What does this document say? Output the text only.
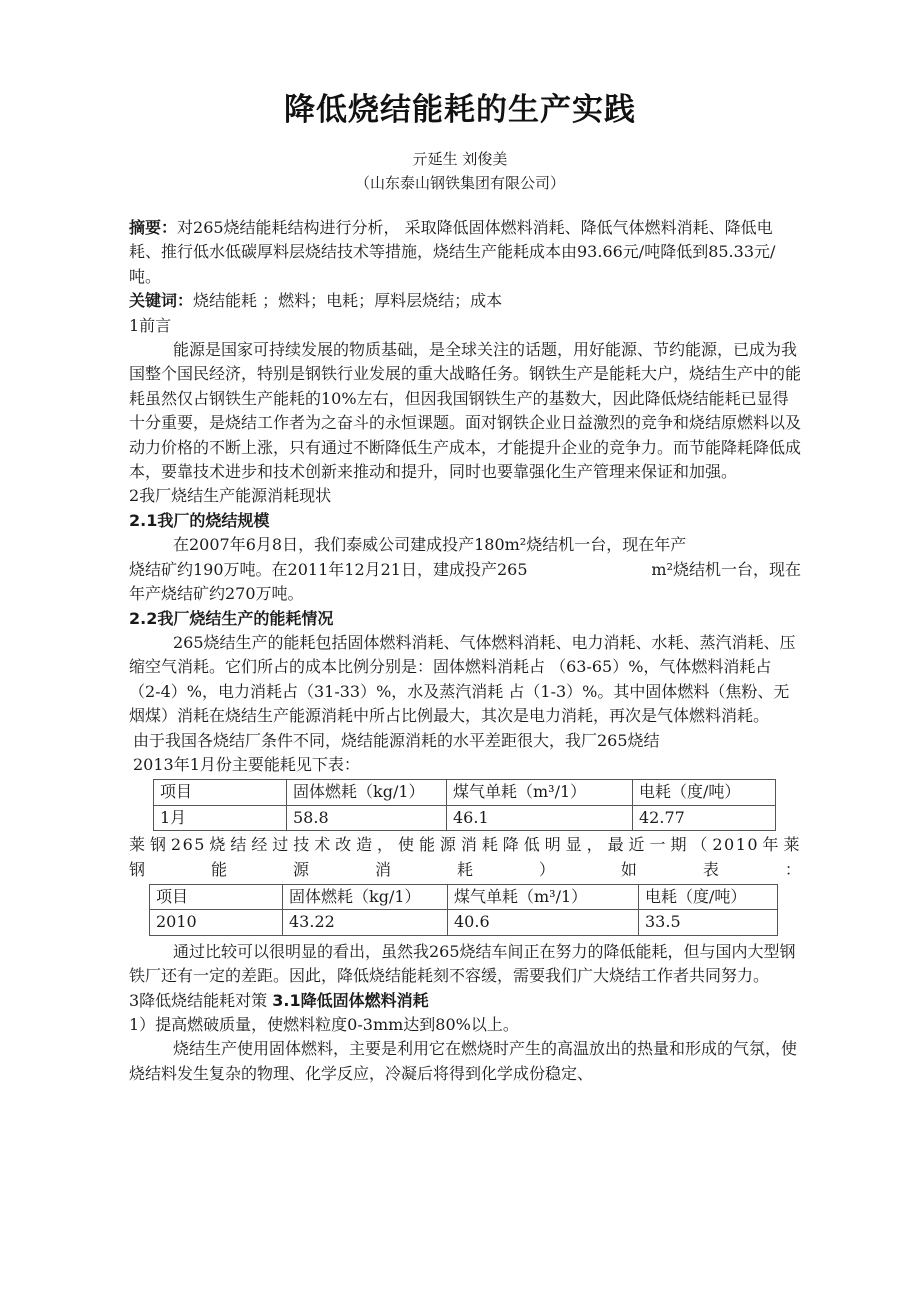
降低烧结能耗的生产实践
亓延生 刘俊美
（山东泰山钢铁集团有限公司）

摘要：对265烧结能耗结构进行分析， 采取降低固体燃料消耗、降低气体燃料消耗、降低电耗、推行低水低碳厚料层烧结技术等措施，烧结生产能耗成本由93.66元/吨降低到85.33元/吨。

关键词：烧结能耗 ；燃料；电耗；厚料层烧结；成本

1前言

能源是国家可持续发展的物质基础，是全球关注的话题，用好能源、节约能源，已成为我国整个国民经济，特别是钢铁行业发展的重大战略任务。钢铁生产是能耗大户，烧结生产中的能耗虽然仅占钢铁生产能耗的10%左右，但因我国钢铁生产的基数大，因此降低烧结能耗已显得十分重要，是烧结工作者为之奋斗的永恒课题。面对钢铁企业日益激烈的竞争和烧结原燃料以及动力价格的不断上涨，只有通过不断降低生产成本，才能提升企业的竞争力。而节能降耗降低成本，要靠技术进步和技术创新来推动和提升，同时也要靠强化生产管理来保证和加强。

2我厂烧结生产能源消耗现状

2.1我厂的烧结规模

在2007年6月8日，我们泰威公司建成投产180m²烧结机一台，现在年产

烧结矿约190万吨。在2011年12月21日，建成投产265	m²烧结机一台，现在

年产烧结矿约270万吨。

2.2我厂烧结生产的能耗情况

265烧结生产的能耗包括固体燃料消耗、气体燃料消耗、电力消耗、水耗、蒸汽消耗、压缩空气消耗。它们所占的成本比例分别是：固体燃料消耗占 （63-65）%，气体燃料消耗占（2-4）%，电力消耗占（31-33）%，水及蒸汽消耗 占（1-3）%。其中固体燃料（焦粉、无烟煤）消耗在烧结生产能源消耗中所占比例最大，其次是电力消耗，再次是气体燃料消耗。

由于我国各烧结厂条件不同，烧结能源消耗的水平差距很大，我厂265烧结

2013年1月份主要能耗见下表：

项目	固体燃耗（kg/1）	煤气单耗（m³/1）	电耗（度/吨）
1月	58.8	46.1	42.77

莱钢265烧结经过技术改造，使能源消耗降低明显，最近一期（2010年莱

钢	能	源	消	耗	）	如	表	：

项目	固体燃耗（kg/1）	煤气单耗（m³/1）	电耗（度/吨）
2010	43.22	40.6	33.5

通过比较可以很明显的看出，虽然我265烧结车间正在努力的降低能耗，但与国内大型钢铁厂还有一定的差距。因此，降低烧结能耗刻不容缓，需要我们广大烧结工作者共同努力。

3降低烧结能耗对策 3.1降低固体燃料消耗

1）提高燃破质量，使燃料粒度0-3mm达到80%以上。

烧结生产使用固体燃料，主要是利用它在燃烧时产生的高温放出的热量和形成的气氛，使烧结料发生复杂的物理、化学反应，冷凝后将得到化学成份稳定、
